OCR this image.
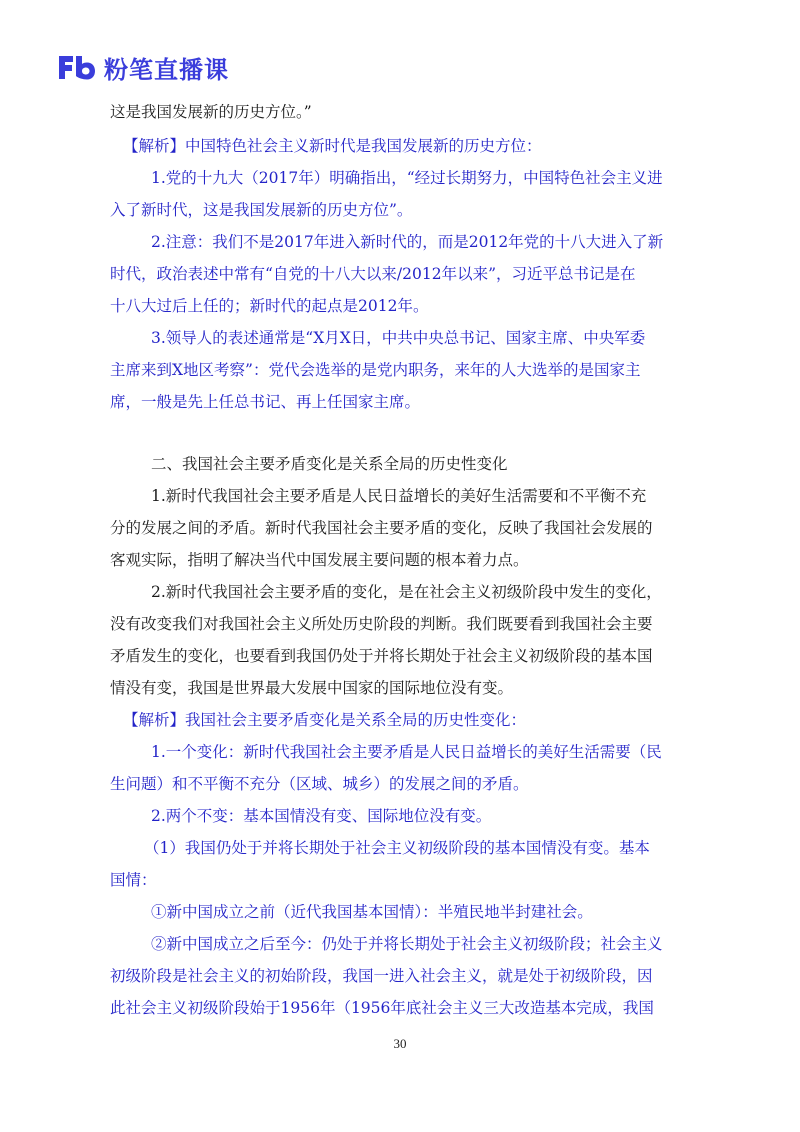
粉笔直播课
这是我国发展新的历史方位。”
【解析】中国特色社会主义新时代是我国发展新的历史方位：
1.党的十九大（2017年）明确指出，“经过长期努力，中国特色社会主义进
入了新时代，这是我国发展新的历史方位”。
2.注意：我们不是2017年进入新时代的，而是2012年党的十八大进入了新
时代，政治表述中常有“自党的十八大以来/2012年以来”，习近平总书记是在
十八大过后上任的；新时代的起点是2012年。
3.领导人的表述通常是“X月X日，中共中央总书记、国家主席、中央军委
主席来到X地区考察”：党代会选举的是党内职务，来年的人大选举的是国家主
席，一般是先上任总书记、再上任国家主席。
二、我国社会主要矛盾变化是关系全局的历史性变化
1.新时代我国社会主要矛盾是人民日益增长的美好生活需要和不平衡不充
分的发展之间的矛盾。新时代我国社会主要矛盾的变化，反映了我国社会发展的
客观实际，指明了解决当代中国发展主要问题的根本着力点。
2.新时代我国社会主要矛盾的变化，是在社会主义初级阶段中发生的变化，
没有改变我们对我国社会主义所处历史阶段的判断。我们既要看到我国社会主要
矛盾发生的变化，也要看到我国仍处于并将长期处于社会主义初级阶段的基本国
情没有变，我国是世界最大发展中国家的国际地位没有变。
【解析】我国社会主要矛盾变化是关系全局的历史性变化：
1.一个变化：新时代我国社会主要矛盾是人民日益增长的美好生活需要（民
生问题）和不平衡不充分（区域、城乡）的发展之间的矛盾。
2.两个不变：基本国情没有变、国际地位没有变。
（1）我国仍处于并将长期处于社会主义初级阶段的基本国情没有变。基本
国情：
①新中国成立之前（近代我国基本国情）：半殖民地半封建社会。
②新中国成立之后至今：仍处于并将长期处于社会主义初级阶段；社会主义
初级阶段是社会主义的初始阶段，我国一进入社会主义，就是处于初级阶段，因
此社会主义初级阶段始于1956年（1956年底社会主义三大改造基本完成，我国
30
